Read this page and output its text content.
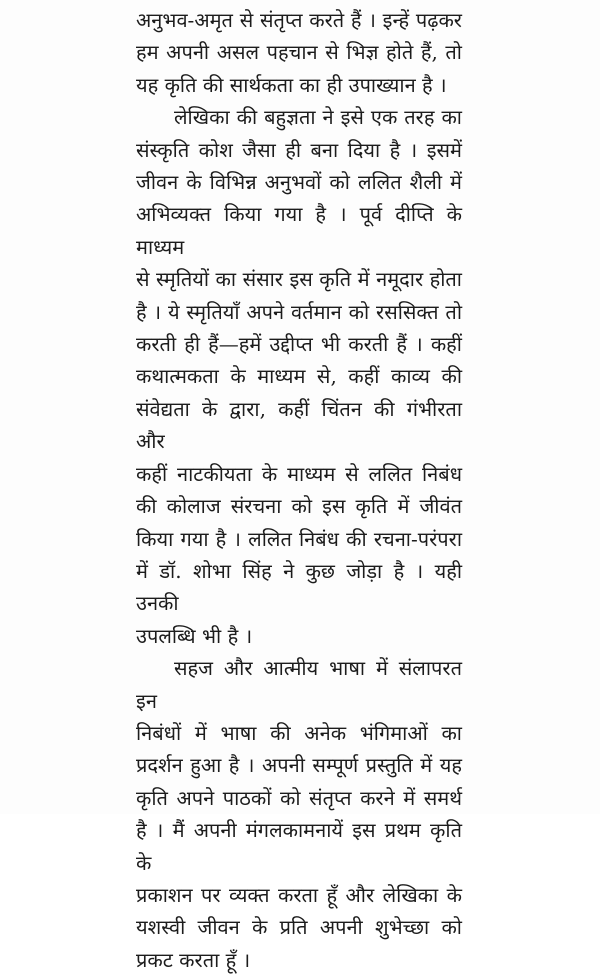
अनुभव-अमृत से संतृप्त करते हैं । इन्हें पढ़कर
हम अपनी असल पहचान से भिज्ञ होते हैं, तो
यह कृति की सार्थकता का ही उपाख्यान है ।
लेखिका की बहुज्ञता ने इसे एक तरह का
संस्कृति कोश जैसा ही बना दिया है । इसमें
जीवन के विभिन्न अनुभवों को ललित शैली में
अभिव्यक्त किया गया है । पूर्व दीप्ति के माध्यम
से स्मृतियों का संसार इस कृति में नमूदार होता
है । ये स्मृतियाँ अपने वर्तमान को रससिक्त तो
करती ही हैं—हमें उद्दीप्त भी करती हैं । कहीं
कथात्मकता के माध्यम से, कहीं काव्य की
संवेद्यता के द्वारा, कहीं चिंतन की गंभीरता और
कहीं नाटकीयता के माध्यम से ललित निबंध
की कोलाज संरचना को इस कृति में जीवंत
किया गया है । ललित निबंध की रचना-परंपरा
में डॉ. शोभा सिंह ने कुछ जोड़ा है । यही उनकी
उपलब्धि भी है ।
सहज और आत्मीय भाषा में संलापरत इन
निबंधों में भाषा की अनेक भंगिमाओं का
प्रदर्शन हुआ है । अपनी सम्पूर्ण प्रस्तुति में यह
कृति अपने पाठकों को संतृप्त करने में समर्थ
है । मैं अपनी मंगलकामनायें इस प्रथम कृति के
प्रकाशन पर व्यक्त करता हूँ और लेखिका के
यशस्वी जीवन के प्रति अपनी शुभेच्छा को
प्रकट करता हूँ ।
